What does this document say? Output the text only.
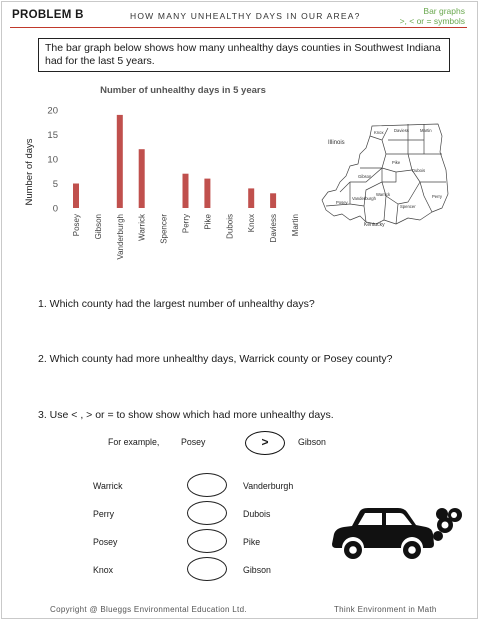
PROBLEM B	HOW MANY UNHEALTHY DAYS IN OUR AREA?	Bar graphs
>, < or = symbols
The bar graph below shows how many unhealthy days counties in Southwest Indiana had for the last 5 years.
Number of unhealthy days in 5 years
Number of days
0
5
10
15
20
Posey Gibson Vanderburgh Warrick Spencer Perry Pike Dubois Knox Daviess Martin
Knox Daviess	Martin
Pike
Dubois
Gibson
Posey
Vanderburgh
Warrick
Spencer
Perry
Illinois
Kentucky
1. Which county had the largest number of unhealthy days?
2. Which county had more unhealthy days, Warrick county or Posey county?
3. Use < , > or = to show show which had more unhealthy days.
For example, Posey	>	Gibson
Warrick	Vanderburgh
Perry	Dubois
Posey	Pike
Knox	Gibson
Copyright @ Blueggs Environmental Education Ltd.	Think Environment in Math
